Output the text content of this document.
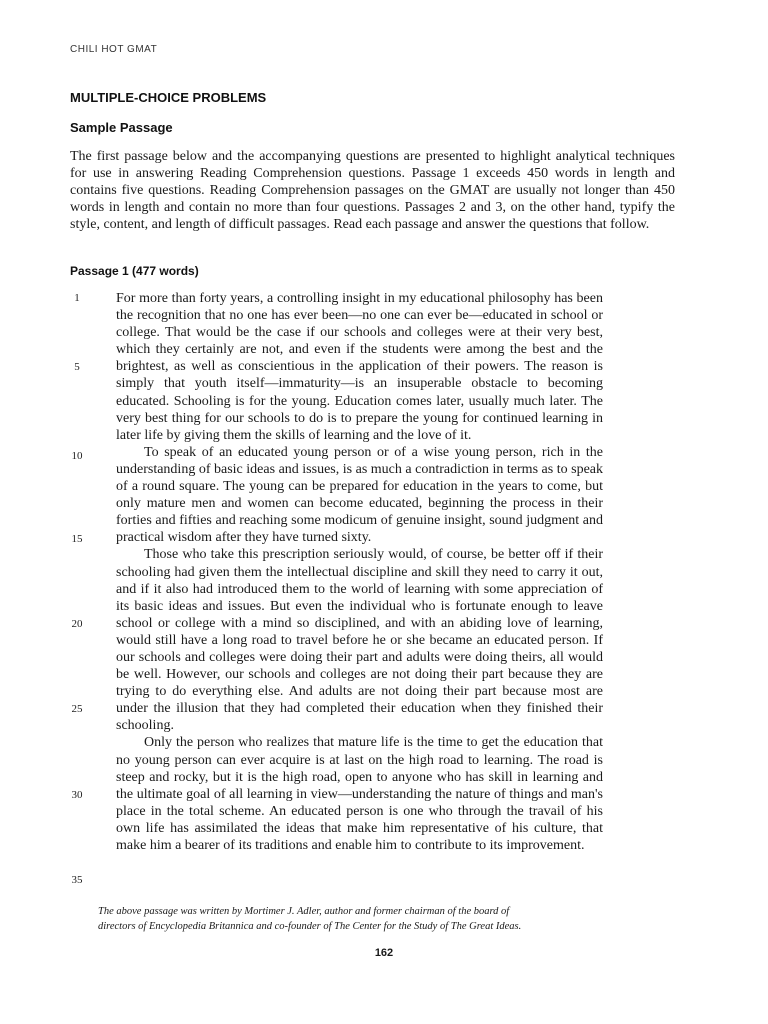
CHILI HOT GMAT
MULTIPLE-CHOICE PROBLEMS
Sample Passage

The first passage below and the accompanying questions are presented to highlight analytical techniques for use in answering Reading Comprehension questions. Passage 1 exceeds 450 words in length and contains five questions. Reading Comprehension passages on the GMAT are usually not longer than 450 words in length and contain no more than four questions. Passages 2 and 3, on the other hand, typify the style, content, and length of difficult passages. Read each passage and answer the questions that follow.

Passage 1 (477 words)
1
5
10
15
20
25
30
35

For more than forty years, a controlling insight in my educational philosophy has been the recognition that no one has ever been—no one can ever be—educated in school or college. That would be the case if our schools and colleges were at their very best, which they certainly are not, and even if the students were among the best and the brightest, as well as conscientious in the application of their powers. The reason is simply that youth itself—immaturity—is an insuperable obstacle to becoming educated. Schooling is for the young. Education comes later, usually much later. The very best thing for our schools to do is to prepare the young for continued learning in later life by giving them the skills of learning and the love of it.

To speak of an educated young person or of a wise young person, rich in the understanding of basic ideas and issues, is as much a contradiction in terms as to speak of a round square. The young can be prepared for education in the years to come, but only mature men and women can become educated, beginning the process in their forties and fifties and reaching some modicum of genuine insight, sound judgment and practical wisdom after they have turned sixty.

Those who take this prescription seriously would, of course, be better off if their schooling had given them the intellectual discipline and skill they need to carry it out, and if it also had introduced them to the world of learning with some appreciation of its basic ideas and issues. But even the individual who is fortunate enough to leave school or college with a mind so disciplined, and with an abiding love of learning, would still have a long road to travel before he or she became an educated person. If our schools and colleges were doing their part and adults were doing theirs, all would be well. However, our schools and colleges are not doing their part because they are trying to do everything else. And adults are not doing their part because most are under the illusion that they had completed their education when they finished their schooling.

Only the person who realizes that mature life is the time to get the education that no young person can ever acquire is at last on the high road to learning. The road is steep and rocky, but it is the high road, open to anyone who has skill in learning and the ultimate goal of all learning in view—understanding the nature of things and man's place in the total scheme. An educated person is one who through the travail of his own life has assimilated the ideas that make him representative of his culture, that make him a bearer of its traditions and enable him to contribute to its improvement.

The above passage was written by Mortimer J. Adler, author and former chairman of the board of
directors of Encyclopedia Britannica and co-founder of The Center for the Study of The Great Ideas.

162
